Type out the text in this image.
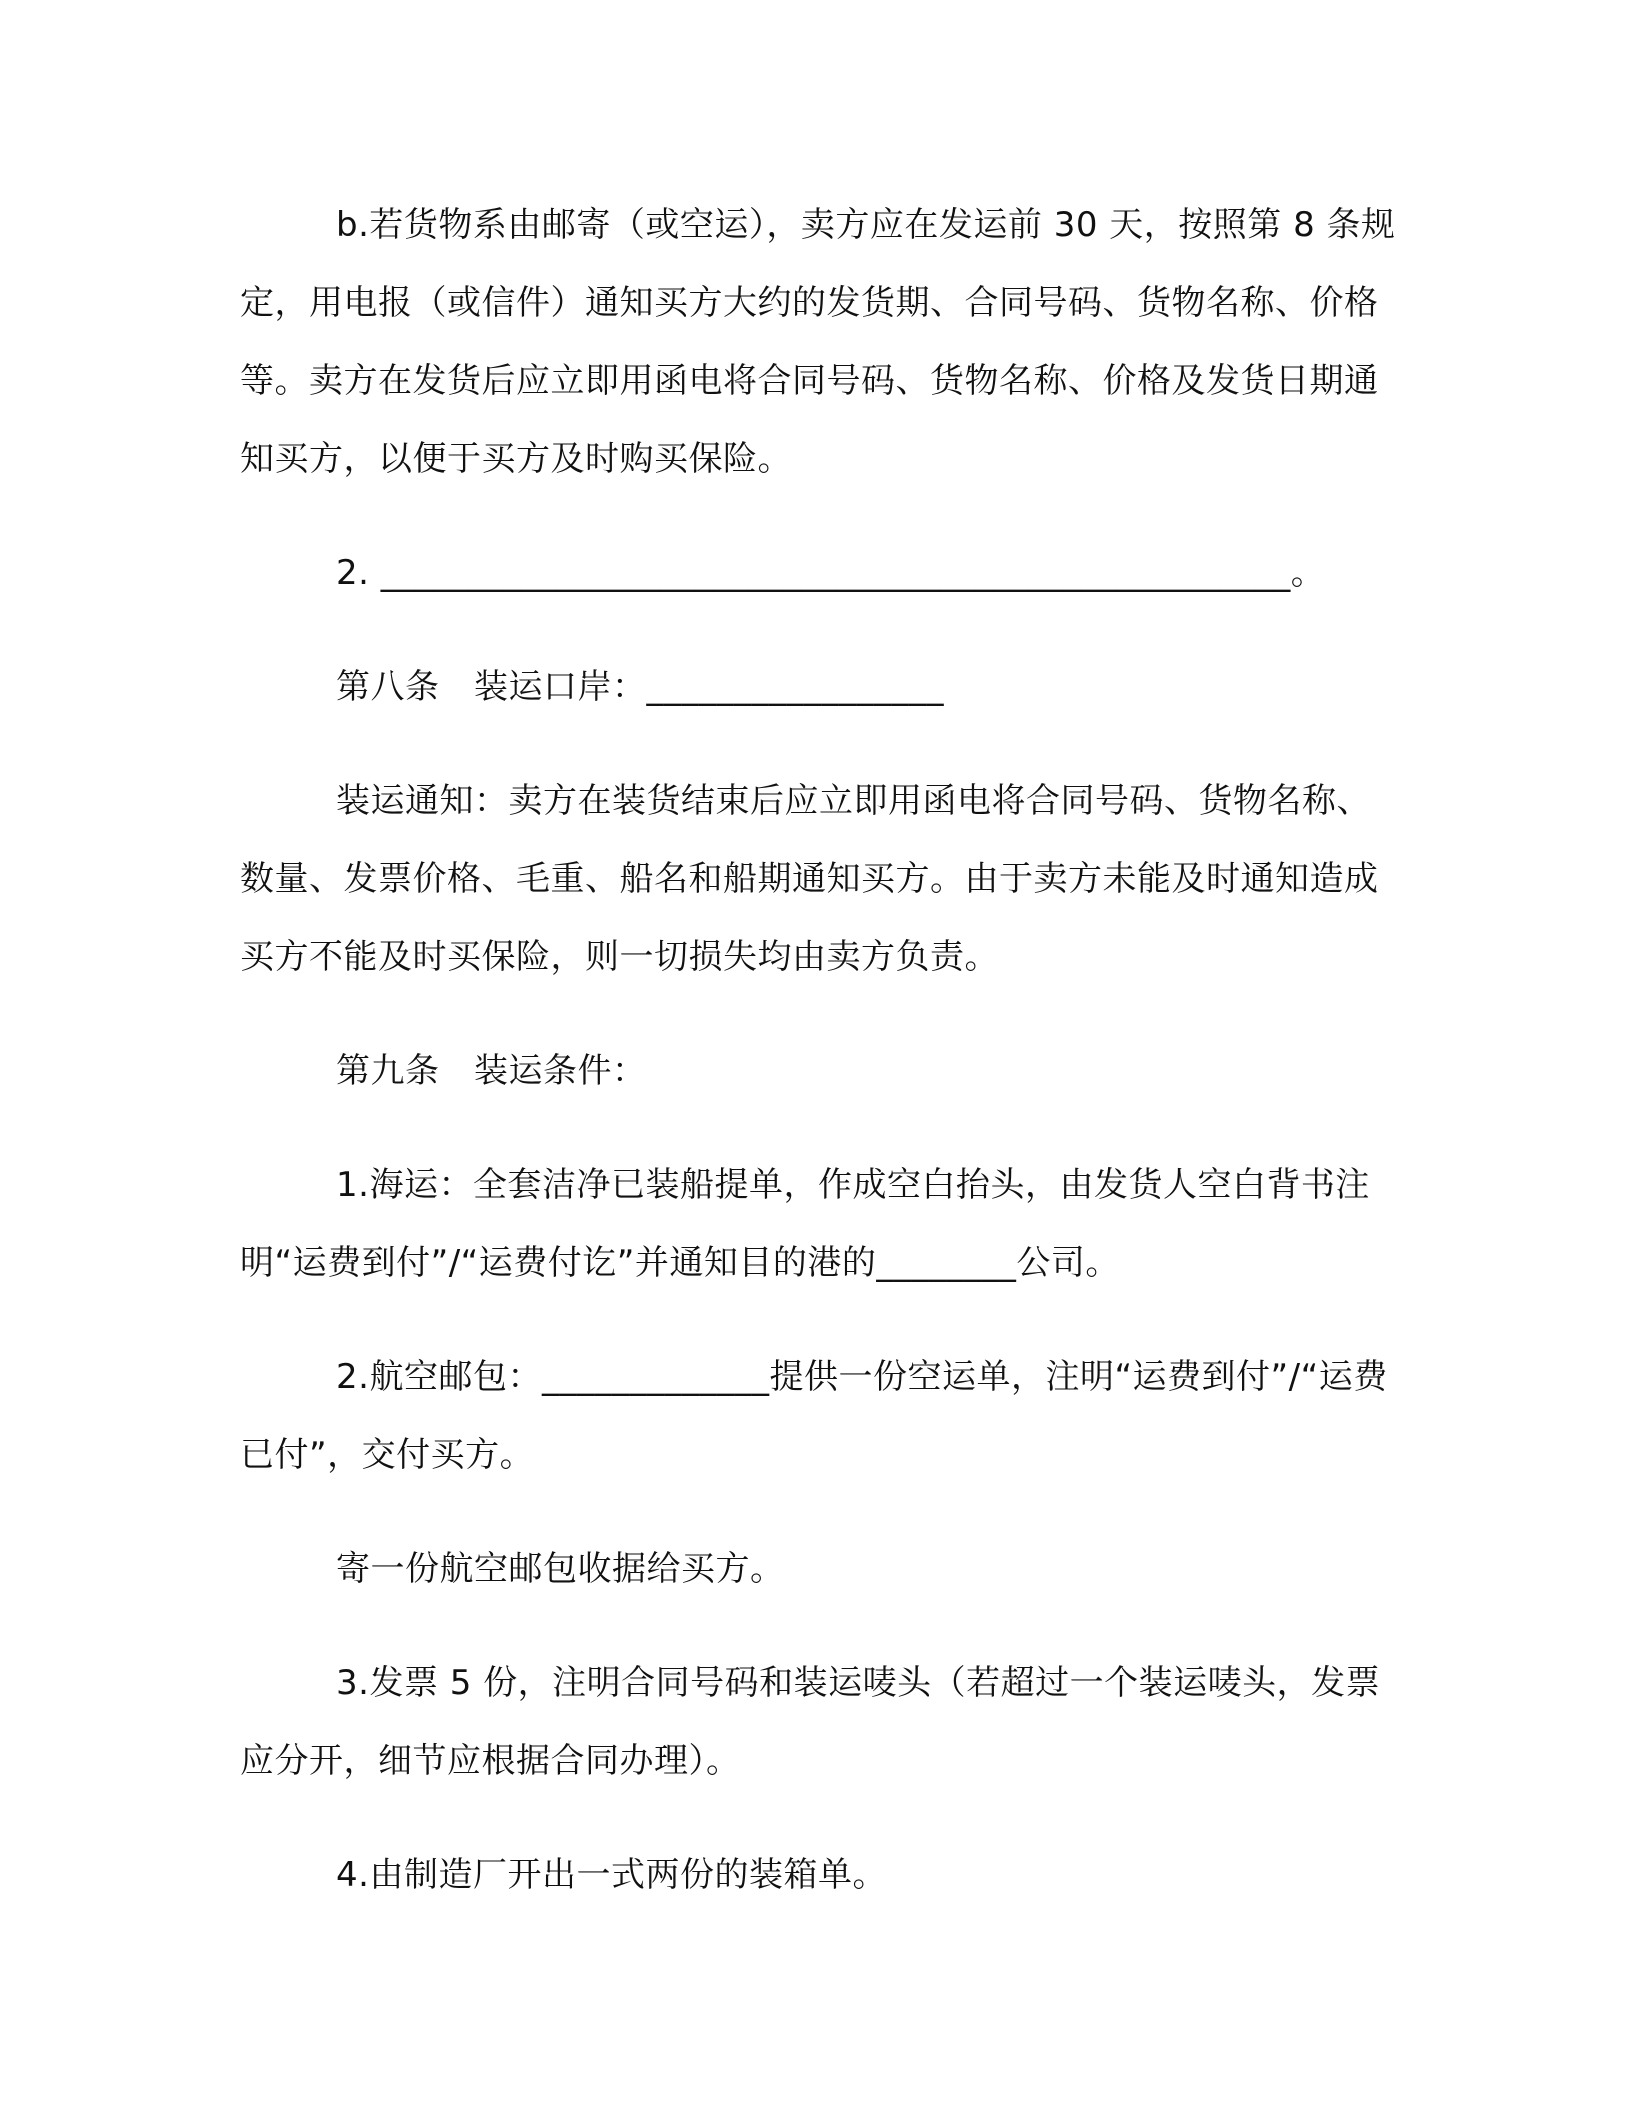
b.若货物系由邮寄（或空运），卖方应在发运前 30 天，按照第 8 条规定，用电报（或信件）通知买方大约的发货期、合同号码、货物名称、价格等。卖方在发货后应立即用函电将合同号码、货物名称、价格及发货日期通知买方，以便于买方及时购买保险。

2. ____________________________________________________。

第八条　装运口岸：_________________

装运通知：卖方在装货结束后应立即用函电将合同号码、货物名称、数量、发票价格、毛重、船名和船期通知买方。由于卖方未能及时通知造成买方不能及时买保险，则一切损失均由卖方负责。

第九条　装运条件：

1.海运：全套洁净已装船提单，作成空白抬头，由发货人空白背书注明“运费到付”/“运费付讫”并通知目的港的________公司。

2.航空邮包：_____________提供一份空运单，注明“运费到付”/“运费已付”，交付买方。

寄一份航空邮包收据给买方。

3.发票 5 份，注明合同号码和装运唛头（若超过一个装运唛头，发票应分开，细节应根据合同办理）。

4.由制造厂开出一式两份的装箱单。
